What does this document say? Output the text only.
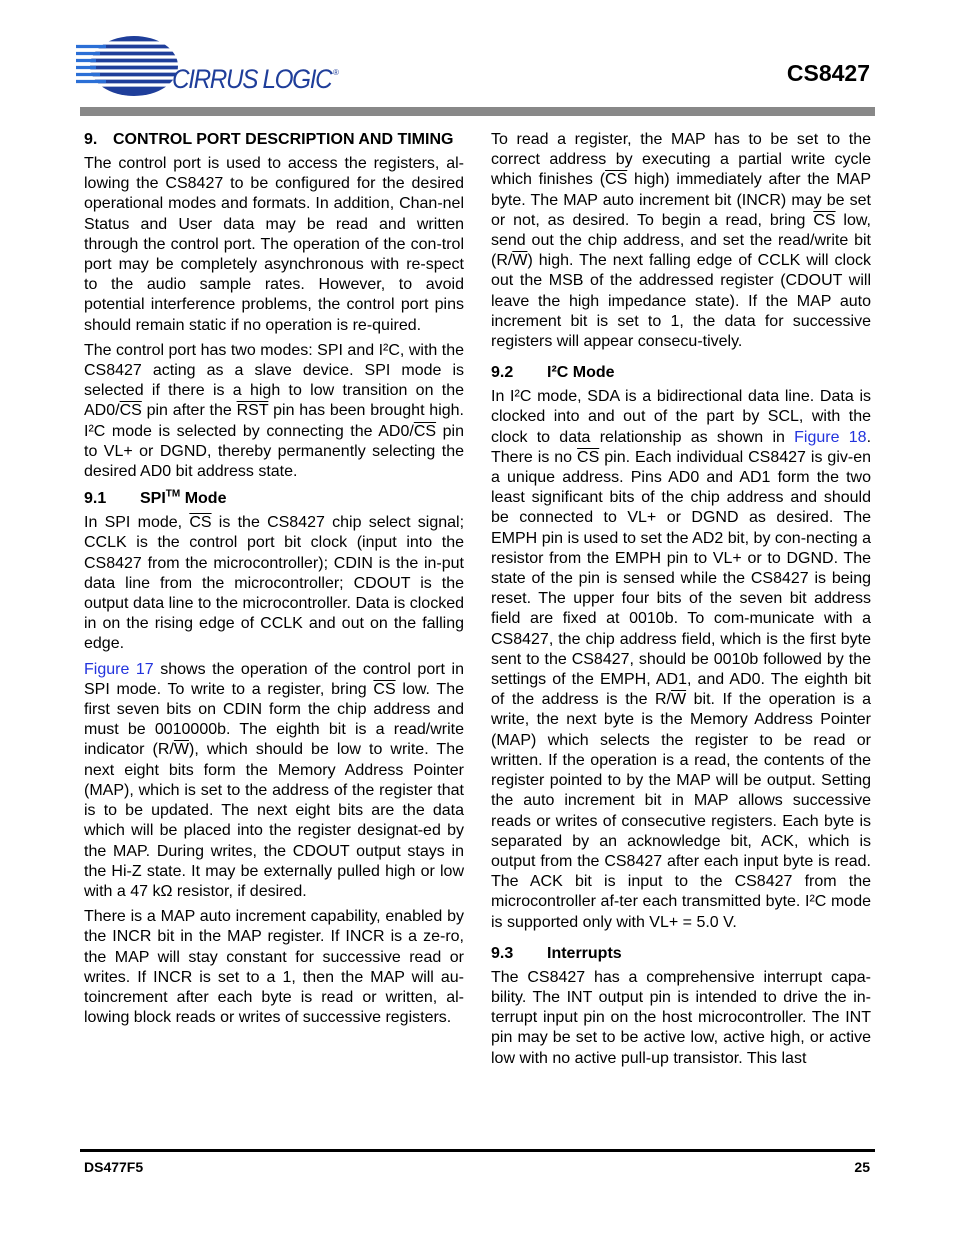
CIRRUS LOGIC ®	CS8427
9. CONTROL PORT DESCRIPTION AND TIMING

The control port is used to access the registers, al-lowing the CS8427 to be configured for the desired operational modes and formats. In addition, Chan-nel Status and User data may be read and written through the control port. The operation of the con-trol port may be completely asynchronous with re-spect to the audio sample rates. However, to avoid potential interference problems, the control port pins should remain static if no operation is re-quired.

The control port has two modes: SPI and I²C, with the CS8427 acting as a slave device. SPI mode is selected if there is a high to low transition on the $AD0/\overline{CS}$ pin after the $\overline{RST}$ pin has been brought high. I²C mode is selected by connecting the $AD0/\overline{CS}$ pin to VL+ or DGND, thereby permanently selecting the desired AD0 bit address state.

9.1	SPI™ Mode

In SPI mode, $\overline{CS}$ is the CS8427 chip select signal; CCLK is the control port bit clock (input into the CS8427 from the microcontroller); CDIN is the in-put data line from the microcontroller; CDOUT is the output data line to the microcontroller. Data is clocked in on the rising edge of CCLK and out on the falling edge.

Figure 17 shows the operation of the control port in SPI mode. To write to a register, bring $\overline{CS}$ low. The first seven bits on CDIN form the chip address and must be 0010000b. The eighth bit is a read/write indicator $(R/\overline{W})$, which should be low to write. The next eight bits form the Memory Address Pointer (MAP), which is set to the address of the register that is to be updated. The next eight bits are the data which will be placed into the register designat-ed by the MAP. During writes, the CDOUT output stays in the Hi-Z state. It may be externally pulled high or low with a 47 kΩ resistor, if desired.

There is a MAP auto increment capability, enabled by the INCR bit in the MAP register. If INCR is a ze-ro, the MAP will stay constant for successive read or writes. If INCR is set to a 1, then the MAP will au-toincrement after each byte is read or written, al-lowing block reads or writes of successive registers.

To read a register, the MAP has to be set to the correct address by executing a partial write cycle which finishes ($\overline{CS}$ high) immediately after the MAP byte. The MAP auto increment bit (INCR) may be set or not, as desired. To begin a read, bring $\overline{CS}$ low, send out the chip address, and set the read/write bit $(R/\overline{W})$ high. The next falling edge of CCLK will clock out the MSB of the addressed register (CDOUT will leave the high impedance state). If the MAP auto increment bit is set to 1, the data for successive registers will appear consecu-tively.

9.2	I²C Mode

In I²C mode, SDA is a bidirectional data line. Data is clocked into and out of the part by SCL, with the clock to data relationship as shown in Figure 18. There is no $\overline{CS}$ pin. Each individual CS8427 is giv-en a unique address. Pins AD0 and AD1 form the two least significant bits of the chip address and should be connected to VL+ or DGND as desired. The EMPH pin is used to set the AD2 bit, by con-necting a resistor from the EMPH pin to VL+ or to DGND. The state of the pin is sensed while the CS8427 is being reset. The upper four bits of the seven bit address field are fixed at 0010b. To com-municate with a CS8427, the chip address field, which is the first byte sent to the CS8427, should be 0010b followed by the settings of the EMPH, AD1, and AD0. The eighth bit of the address is the $R/\overline{W}$ bit. If the operation is a write, the next byte is the Memory Address Pointer (MAP) which selects the register to be read or written. If the operation is a read, the contents of the register pointed to by the MAP will be output. Setting the auto increment bit in MAP allows successive reads or writes of consecutive registers. Each byte is separated by an acknowledge bit, ACK, which is output from the CS8427 after each input byte is read. The ACK bit is input to the CS8427 from the microcontroller af-ter each transmitted byte. I²C mode is supported only with VL+ = 5.0 V.

9.3	Interrupts

The CS8427 has a comprehensive interrupt capa-bility. The INT output pin is intended to drive the in-terrupt input pin on the host microcontroller. The INT pin may be set to be active low, active high, or active low with no active pull-up transistor. This last

DS477F5	25
